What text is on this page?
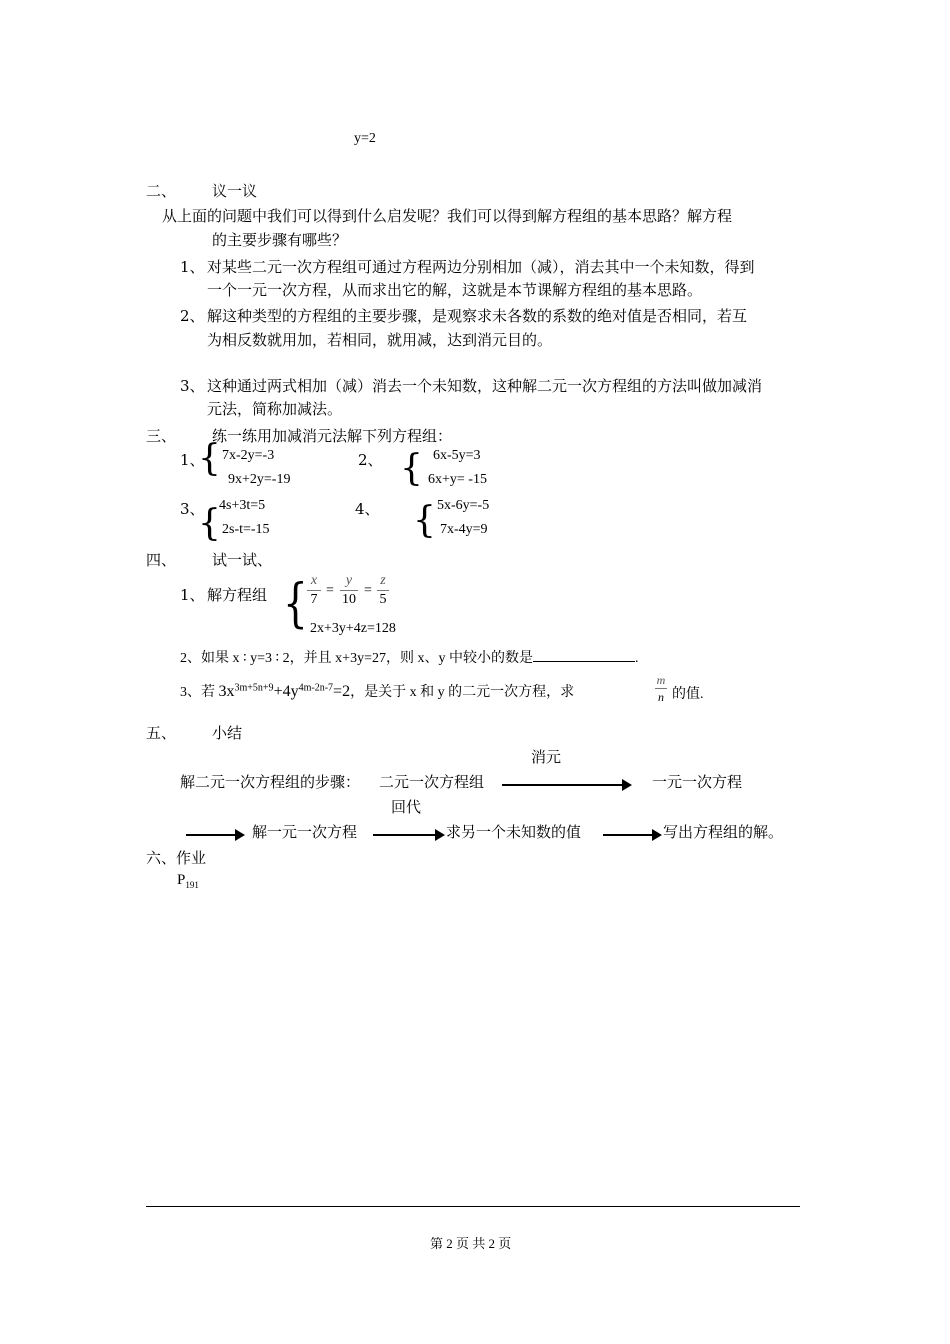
y=2
二、 议一议
从上面的问题中我们可以得到什么启发呢？我们可以得到解方程组的基本思路？解方程
的主要步骤有哪些？
1、 对某些二元一次方程组可通过方程两边分别相加（减），消去其中一个未知数，得到
一个一元一次方程，从而求出它的解，这就是本节课解方程组的基本思路。
2、 解这种类型的方程组的主要步骤，是观察求未各数的系数的绝对值是否相同，若互
为相反数就用加，若相同，就用减，达到消元目的。
3、 这种通过两式相加（减）消去一个未知数，这种解二元一次方程组的方法叫做加减消
元法，简称加减法。
三、 练一练用加减消元法解下列方程组：
1、
{ 7x-2y=-3
9x+2y=-19
2、 { 6x-5y=3
6x+y= -15
3、
{
4s+3t=5
2s-t=-15
4、 { 5x-6y=-5
7x-4y=9
四、 试一试、
1、 解方程组 { x
7
=
y
10
=
z
5
2x+3y+4z=128
2、如果 x ∶ y=3 ∶ 2，并且 x+3y=27，则 x、y 中较小的数是	.
3、若 $3x^{3m+5n+9}+4y^{4m-2n-7}=2$，是关于 x 和 y 的二元一次方程，求
m
n 的值.
五、 小结
消元
解二元一次方程组的步骤： 二元一次方程组	一元一次方程
回代
解一元一次方程	求另一个未知数的值	写出方程组的解。
六、作业
$P_{191}$
第 2 页 共 2 页
